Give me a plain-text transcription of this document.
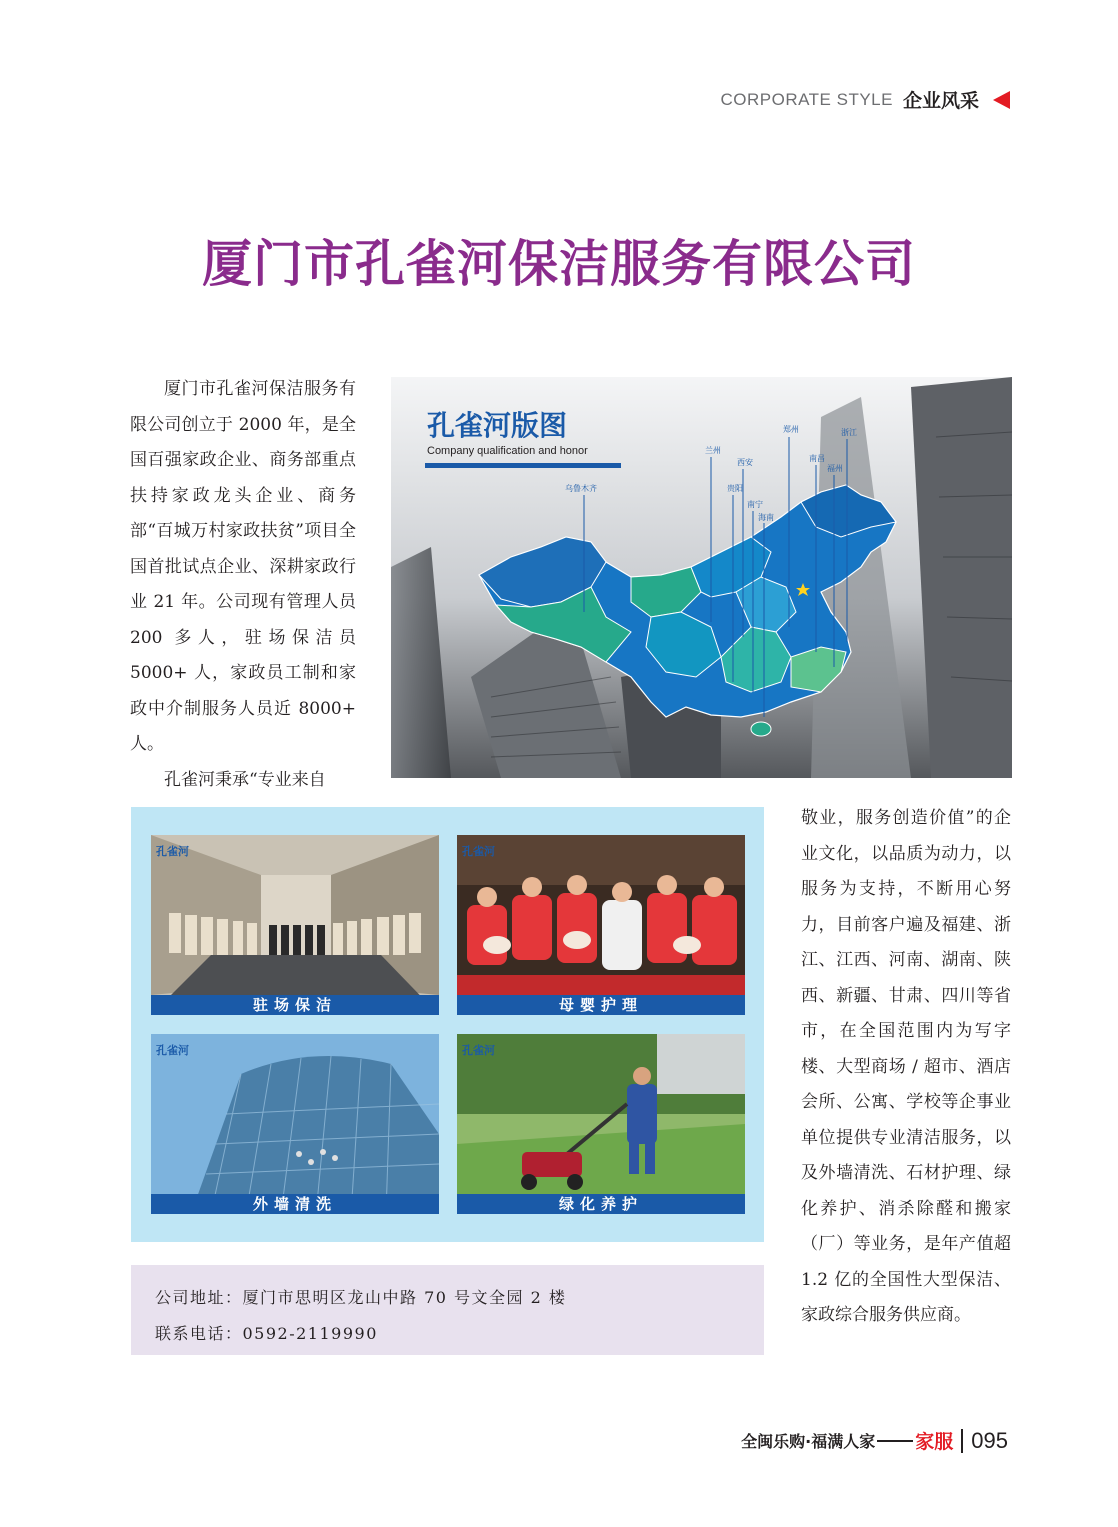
CORPORATE STYLE 企业风采
厦门市孔雀河保洁服务有限公司

厦门市孔雀河保洁服务有限公司创立于 2000 年，是全国百强家政企业、商务部重点扶持家政龙头企业、商务部“百城万村家政扶贫”项目全国首批试点企业、深耕家政行业 21 年。公司现有管理人员 200 多人，驻场保洁员 5000+ 人，家政员工制和家政中介制服务人员近 8000+ 人。

孔雀河秉承“专业来自

孔雀河版图
Company qualification and honor
乌鲁木齐
兰州
西安
贵阳
南宁
海南
郑州
南昌
福州
浙江
孔雀河
驻场保洁
孔雀河
母婴护理
孔雀河
外墙清洗
孔雀河
绿化养护
公司地址：厦门市思明区龙山中路 70 号文全园 2 楼
联系电话：0592-2119990

敬业，服务创造价值”的企业文化，以品质为动力，以服务为支持，不断用心努力，目前客户遍及福建、浙江、江西、河南、湖南、陕西、新疆、甘肃、四川等省市，在全国范围内为写字楼、大型商场 / 超市、酒店会所、公寓、学校等企事业单位提供专业清洁服务，以及外墙清洗、石材护理、绿化养护、消杀除醛和搬家（厂）等业务，是年产值超 1.2 亿的全国性大型保洁、家政综合服务供应商。

全闽乐购·福满人家 家服 095
